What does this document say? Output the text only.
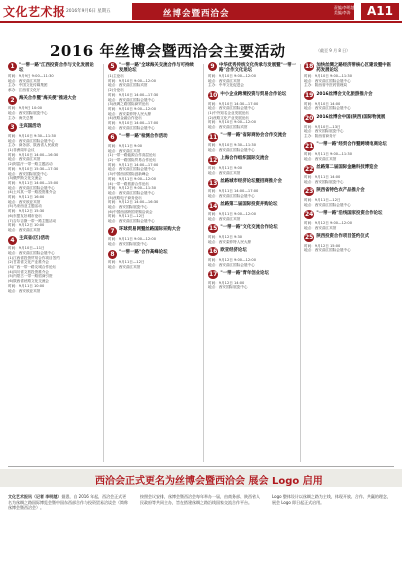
文化艺术报 2016年9月6日 星期五	丝博会暨西洽会
责编/李明越
美编/李涛	A11
2016 年丝博会暨西洽会主要活动	（截至 9 月 8 日）
1	"一带一路"江西投资合作与文化发展论坛
时间：9月9日 9:00—11:30
地点：西安曲江宾馆
主办：中国文化传媒集团
承办：江西省文化厅
2	海关合作暨"海关便"推进大会
时间：9月9日 10:00
地点：西安国际展览中心
主办：海关总署
3	主宾国活动
时间：9月10日 9:30—11:30
地点：西安曲江国际会展中心
主办：商务部、陕西省人民政府
(1)非洲周年会议
时间：9月10日 14:00—16:30
地点：西安曲江宾馆
(2)阿富汗一带一路主题活动
时间：9月10日 15:30—17:30
地点：西安国际展览中心
(3)俄罗斯文化交流会
时间：9月11日 14:00—15:00
地点：西安曲江国际会展中心
(4)土耳其一带一路投资推介会
时间：9月11日 16:00
地点：西安欧亚宾馆
(5)马来西亚主题活动
时间：9月12日 15:30
(6)东盟友好城市论坛
(7)吉尔吉斯一带一路主题活动
时间：9月12日 10:00
地点：西安曲江宾馆
4	主宾省(区)活动
时间：9月10日—11日
地点：西安曲江国际会展中心
(1)江西省投资贸易合作项目签约
(2)甘肃省文化产业推介会
(3)广西一带一路友城合作论坛
(4)四川省文旅投资推介会
(5)内蒙古一带一路招商引资
(6)陕西省丝路文化交流会
时间：9月11日 10:00
地点：西安欧亚宾馆
5	"一带一路"全球海关交流合作与可持续发展论坛
(1)主论坛
时间：9月10日 9:00—12:00
地点：西安曲江国际宾馆
(2)分论坛
时间：9月10日 14:00—17:30
地点：西安曲江国际会展中心
(3)丝绸之路国际商贸论坛
时间：9月10日 9:00—12:00
地点：西安索菲特人民大厦
(4)丝路金融合作论坛
时间：9月10日 14:00—17:00
地点：西安曲江国际会展中心
6	"一带一路"检测合作活动
时间：9月11日 9:00
地点：西安曲江宾馆
(1)一带一路能源合作高层论坛
(2)一带一路国际贸易合作论坛
时间：9月11日 14:00—17:00
地点：西安曲江国际会展中心
(3)中国西部国际创新峰会
时间：9月11日 9:00—12:00
(4)一带一路旅游合作论坛
时间：9月12日 9:00—11:30
地点：西安曲江国际会展中心
(5)丝路电子商务论坛
时间：9月12日 14:00—16:30
地点：西安国际展览中心
(6)中国西部跨国采购洽谈会
时间：9月11日—12日
地点：西安曲江国际会展中心
7	环球贸易网暨丝路国际采购大会
时间：9月11日 9:00—12:00
地点：西安国际展览中心
8	"一带一路"合作高峰论坛
时间：9月11日—12日
地点：西安曲江宾馆
9	中华优秀传统文化传承与发展暨"一带一路"合作文化论坛
时间：9月10日 9:00—12:00
地点：西安曲江宾馆
主办：中华文化促进会
10 中小企业跨境投资与贸易合作论坛
时间：9月10日 14:30—17:00
地点：西安曲江国际会展中心
(1)中外知名企业发展论坛
(2)丝路文化产业发展论坛
时间：9月10日 9:00—12:00
地点：西安曲江国际宾馆
11 "一带一路"省际商协会合作交流会
时间：9月10日 9:30—11:30
地点：西安曲江国际会展中心
12 上海合作组织国际交流会
时间：9月11日 9:00
地点：西安曲江宾馆
13 丝路城市经济论坛暨招商推介会
时间：9月11日 14:00—17:00
地点：西安曲江国际会展中心
14 丝路第二届国际投资并购论坛
时间：9月11日 9:00—12:00
地点：西安曲江宾馆
15 "一带一路"文化交流合作论坛
时间：9月12日 9:30
地点：西安索菲特人民大厦
16 欧亚经济论坛
时间：9月12日 9:00—12:00
地点：西安曲江国际会展中心
17 "一带一路"青年创业论坛
时间：9月12日 14:00
地点：西安国际展览中心
18 加快丝绸之路经济带核心区建设暨中医药发展论坛
时间：9月10日 9:00—11:30
地点：西安曲江国际会展中心
主办：陕西省中医药管理局
19 2016丝博会文化旅游推介会
时间：9月10日 14:00
地点：西安曲江国际会展中心
20 2016丝博会中国(陕西)国际物流展
时间：9月10日—13日
地点：西安国际展览中心
主办：陕西省商务厅
21 "一带一路"经贸合作暨跨境电商论坛
时间：9月11日 9:00—11:30
地点：西安曲江宾馆
22 丝路第二届国际金融科技博览会
时间：9月11日 14:00
地点：西安国际展览中心
23 陕西省特色农产品推介会
时间：9月11日—12日
地点：西安曲江国际会展中心
24 "一带一路"沿线国家投资合作论坛
时间：9月12日 9:00—12:00
地点：西安曲江宾馆
25 陕西投资合作项目签约仪式
时间：9月12日 15:00
地点：西安曲江国际会展中心
西洽会正式更名为丝博会暨西洽会 展会 Logo 启用
文化艺术报讯（记者 李明越）据悉，自 2016 年起，西洽会正式更名为丝绸之路国际博览会暨中国东西部合作与投资贸易洽谈会（简称丝博会暨西洽会）。
按照会议安排，丝博会暨西洽会每年举办一届，由商务部、陕西省人民政府等共同主办，旨在搭建丝绸之路沿线国家交流合作平台。
Logo 整体设计以丝绸之路为主线，体现开放、合作、共赢的理念，展会 Logo 即日起正式启用。
